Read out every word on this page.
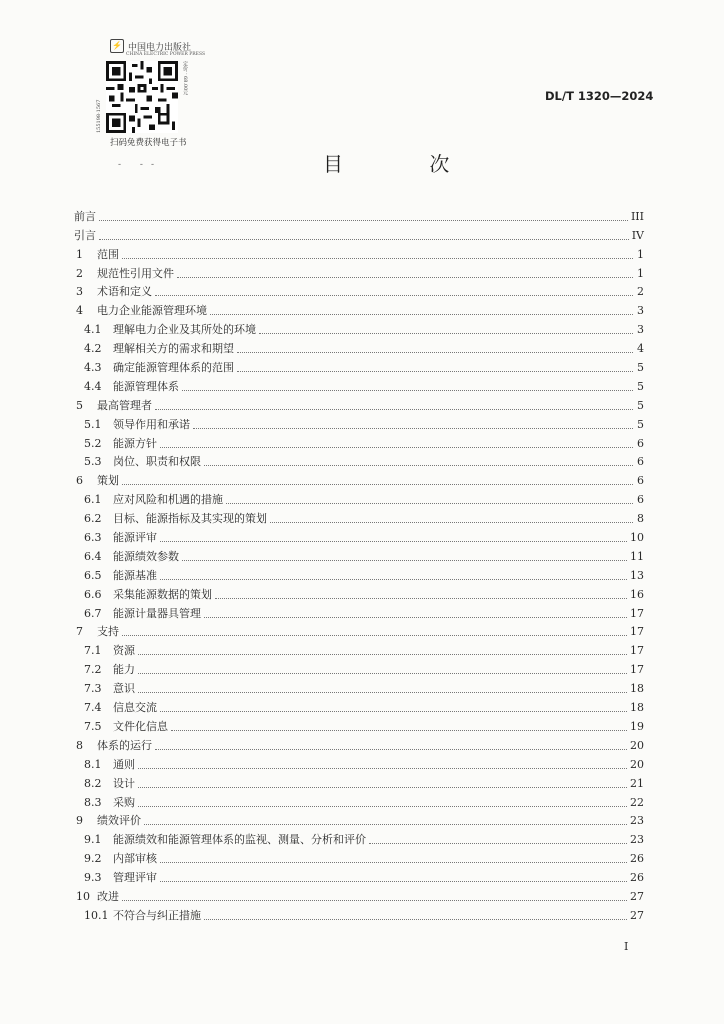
⚡ 中国电力出版社
CHINA ELECTRIC POWER PRESS
155198·1567
定价：68.00元
扫码免费获得电子书
- --
DL/T 1320—2024
目 次
前言	III
引言	IV
1	范围	1
2	规范性引用文件	1
3	术语和定义	2
4	电力企业能源管理环境	3
4.1	理解电力企业及其所处的环境	3
4.2	理解相关方的需求和期望	4
4.3	确定能源管理体系的范围	5
4.4	能源管理体系	5
5	最高管理者	5
5.1	领导作用和承诺	5
5.2	能源方针	6
5.3	岗位、职责和权限	6
6	策划	6
6.1	应对风险和机遇的措施	6
6.2	目标、能源指标及其实现的策划	8
6.3	能源评审	10
6.4	能源绩效参数	11
6.5	能源基准	13
6.6	采集能源数据的策划	16
6.7	能源计量器具管理	17
7	支持	17
7.1	资源	17
7.2	能力	17
7.3	意识	18
7.4	信息交流	18
7.5	文件化信息	19
8	体系的运行	20
8.1	通则	20
8.2	设计	21
8.3	采购	22
9	绩效评价	23
9.1	能源绩效和能源管理体系的监视、测量、分析和评价	23
9.2	内部审核	26
9.3	管理评审	26
10 改进	27
10.1 不符合与纠正措施	27
I
